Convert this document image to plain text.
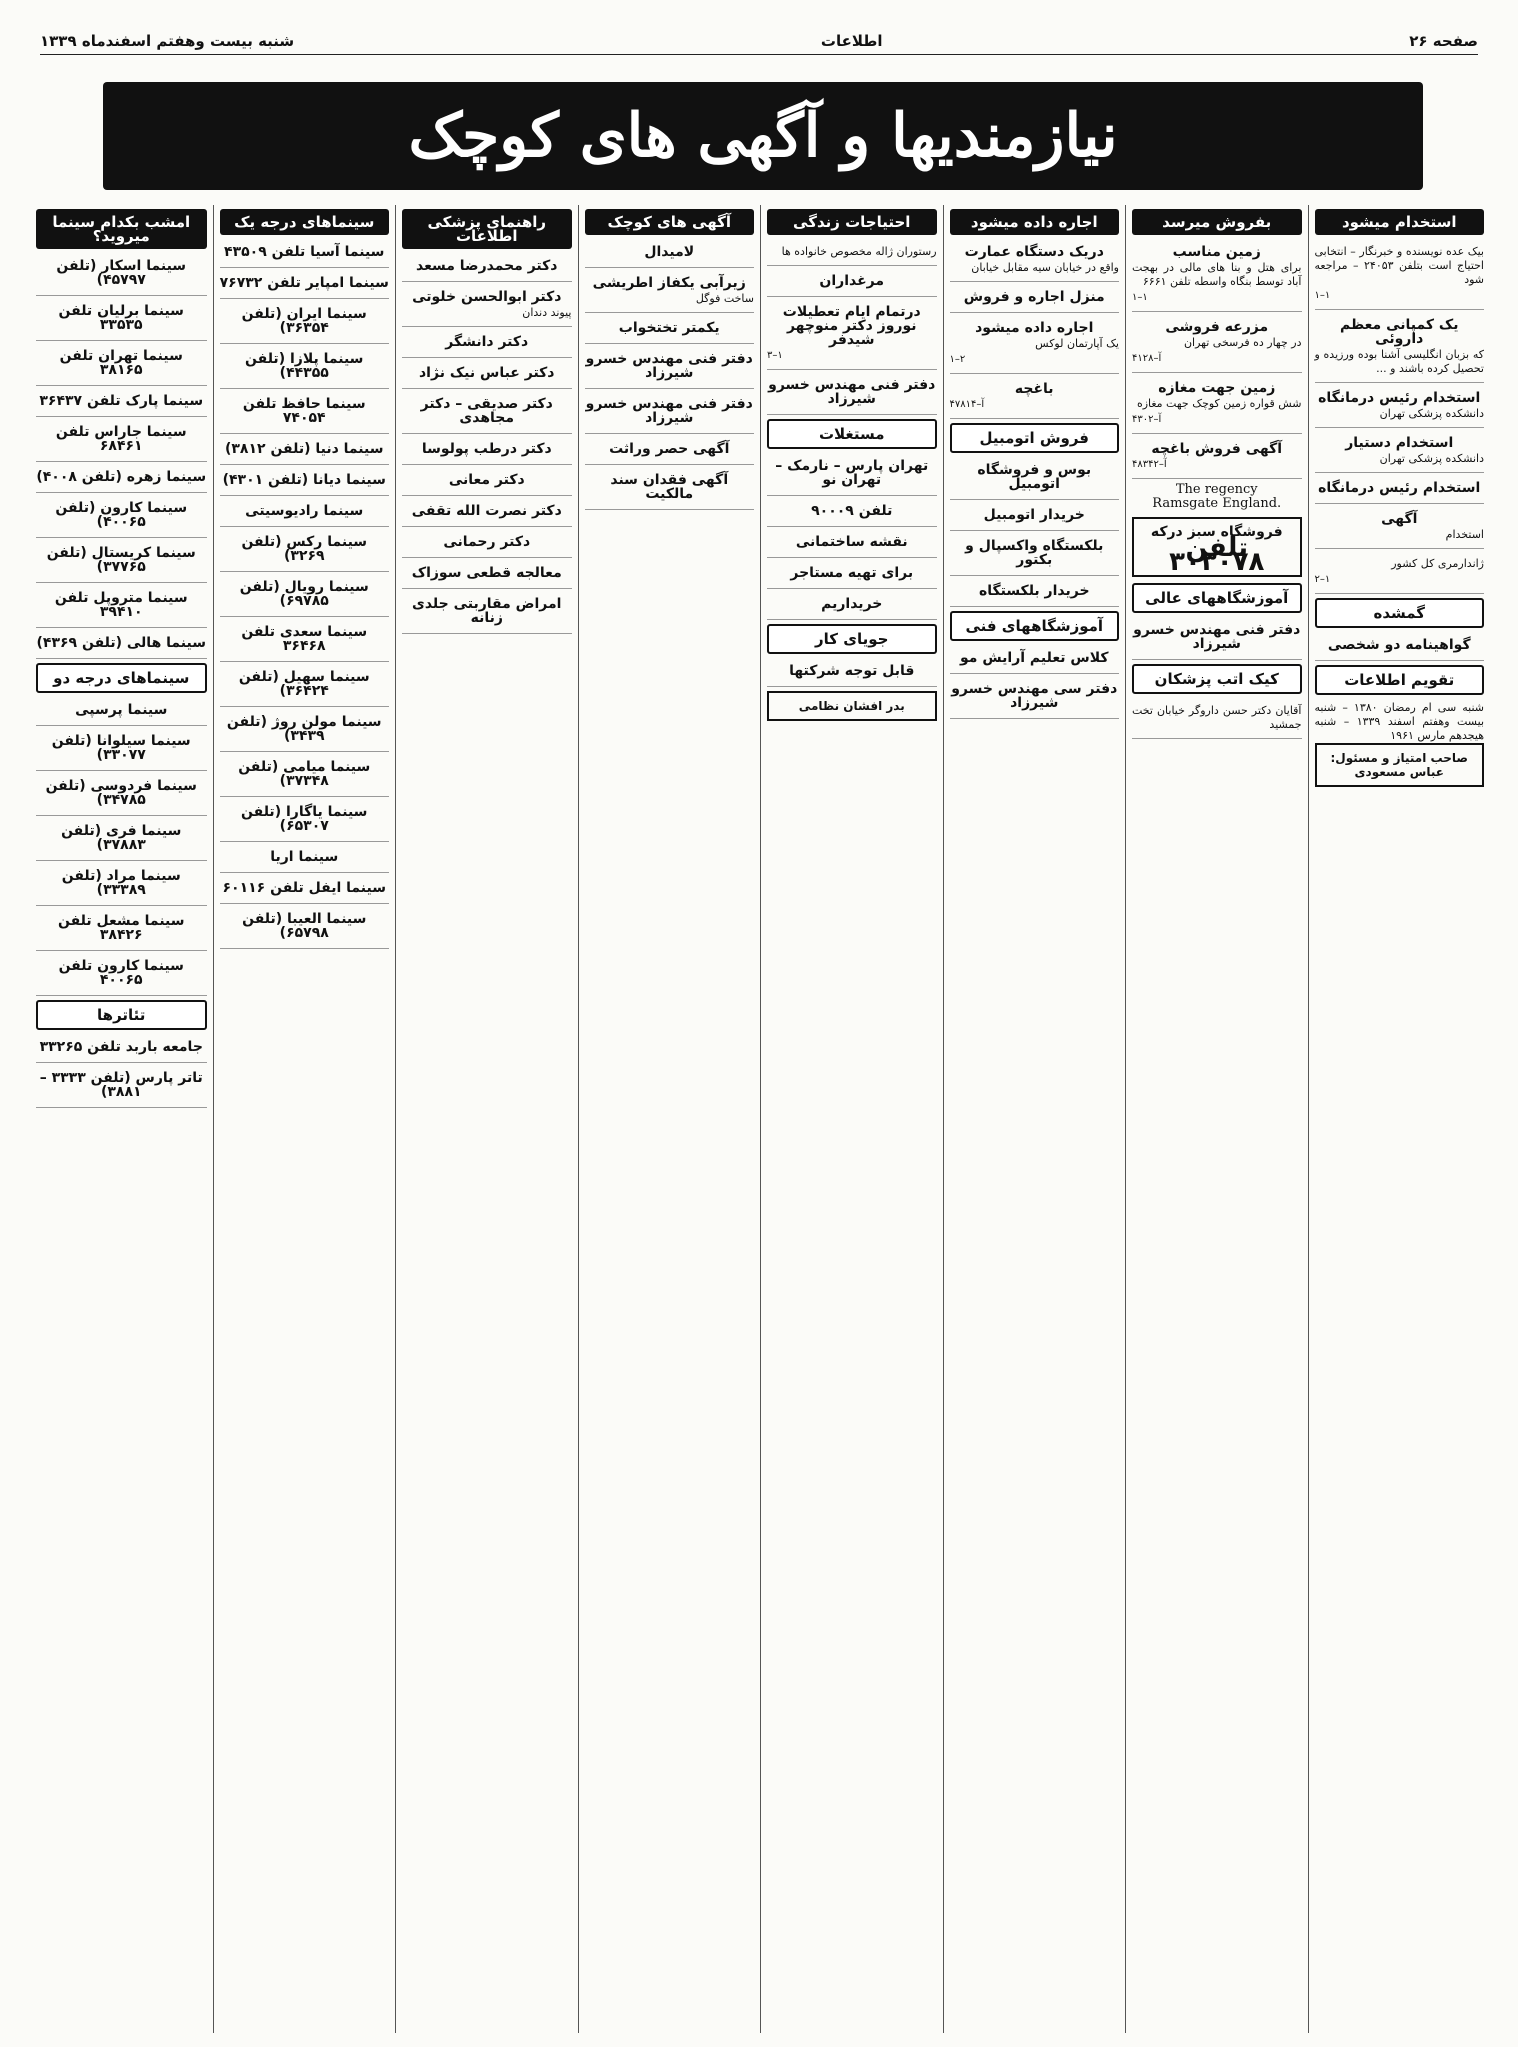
صفحه ۲۶
اطلاعات
شنبه بیست وهفتم اسفندماه ۱۳۳۹
نیازمندیها و آگهی های کوچک
استخدام میشود
بیک عده نویسنده و خبرنگار – انتخابی احتیاج است بتلفن ۲۴۰۵۳ – مراجعه شود
۱–۱
یک کمپانی معظم داروئی
که بزبان انگلیسی آشنا بوده ورزیده و تحصیل کرده باشند و ...
استخدام رئیس درمانگاه
دانشکده پزشکی تهران
استخدام دستیار
دانشکده پزشکی تهران
استخدام رئیس درمانگاه
آگهی
استخدام
ژاندارمری کل کشور
۲–۱
گمشده
گواهینامه دو شخصی
تقویم اطلاعات
شنبه سی ام رمضان ۱۳۸۰ – شنبه بیست وهفتم اسفند ۱۳۳۹ – شنبه هیجدهم مارس ۱۹۶۱
صاحب امتیاز و مسئول: عباس مسعودی
بفروش میرسد
زمین مناسب
برای هتل و بنا های مالی در بهجت آباد توسط بنگاه واسطه تلفن ۶۶۶۱
۱–۱
مزرعه فروشی
در چهار ده فرسخی تهران
آ–۴۱۲۸
زمین جهت مغازه
شش قواره زمین کوچک جهت مغازه
آ–۴۳۰۲
آگهی فروش باغچه
آ–۴۸۳۴۲
The regency
Ramsgate England.
فروشگاه سبز درکه
تلفن ۳۰۳۰۷۸
آموزشگاههای عالی
دفتر فنی مهندس خسرو شیرزاد
کیک اتب پزشکان
آقایان دکتر حسن داروگر خیابان تخت جمشید
اجاره داده میشود
دریک دستگاه عمارت
واقع در خیابان سیه مقابل خیابان
منزل اجاره و فروش
اجاره داده میشود
یک آپارتمان لوکس
۱–۲
باغچه
آ–۴۷۸۱۴
فروش اتومبیل
بوس و فروشگاه اتومبیل
خریدار اتومبیل
بلکستگاه واکسپال و بکتور
خریدار بلکستگاه
آموزشگاههای فنی
کلاس تعلیم آرایش مو
دفتر سی مهندس خسرو شیرزاد
احتیاجات زندگی
رستوران ژاله مخصوص خانواده ها
مرغداران
درتمام ایام تعطیلات نوروز دکتر منوچهر شیدفر
۳–۱
دفتر فنی مهندس خسرو شیرزاد
مستغلات
تهران پارس – نارمک – تهران نو
تلفن ۹۰۰۰۹
نقشه ساختمانی
برای تهیه مستاجر
خریداریم
جویای کار
قابل توجه شرکتها
بدر افشان نظامی
آگهی های کوچک
لامیدال
زیرآبی یکفاز اطریشی
ساخت فوگل
یکمتر تختخواب
دفتر فنی مهندس خسرو شیرزاد
دفتر فنی مهندس خسرو شیرزاد
آگهی حصر وراثت
آگهی فقدان سند مالکیت
راهنمای پزشکی اطلاعات
دکتر محمدرضا مسعد
دکتر ابوالحسن خلوتی
پیوند دندان
دکتر دانشگر
دکتر عباس نیک نژاد
دکتر صدیقی – دکتر مجاهدی
دکتر درطب پولوسا
دکتر معانی
دکتر نصرت الله تقفی
دکتر رحمانی
معالجه قطعی سوزاک
امراض مقاربتی جلدی زنانه
سینماهای درجه یک
سینما آسیا تلفن ۴۳۵۰۹
سینما امپایر تلفن ۷۶۷۳۲
سینما ایران (تلفن ۳۶۳۵۴)
سینما پلازا (تلفن ۴۴۳۵۵)
سینما حافظ تلفن ۷۴۰۵۴
سینما دنیا (تلفن ۳۸۱۲)
سینما دیانا (تلفن ۴۳۰۱)
سینما رادیوسیتی
سینما رکس (تلفن ۳۲۶۹)
سینما رویال (تلفن ۶۹۷۸۵)
سینما سعدی تلفن ۳۶۴۶۸
سینما سهیل (تلفن ۳۶۴۲۴)
سینما مولن روژ (تلفن ۳۴۳۹)
سینما میامی (تلفن ۳۷۳۴۸)
سینما یاگارا (تلفن ۶۵۳۰۷)
سینما اریا
سینما ایفل تلفن ۶۰۱۱۶
سینما العیبا (تلفن ۶۵۷۹۸)
امشب بکدام سینما میروید؟
سینما اسکار (تلفن ۴۵۷۹۷)
سینما برلیان تلفن ۳۳۵۳۵
سینما تهران تلفن ۳۸۱۶۵
سینما پارک تلفن ۳۶۴۳۷
سینما جاراس تلفن ۶۸۴۶۱
سینما زهره (تلفن ۴۰۰۸)
سینما کارون (تلفن ۴۰۰۶۵)
سینما کریستال (تلفن ۳۷۷۶۵)
سینما متروپل تلفن ۳۹۴۱۰
سینما هالی (تلفن ۴۳۶۹)
سینماهای درجه دو
سینما پرسپی
سینما سیلوانا (تلفن ۳۳۰۷۷)
سینما فردوسی (تلفن ۳۴۷۸۵)
سینما فری (تلفن ۳۷۸۸۳)
سینما مراد (تلفن ۳۳۳۸۹)
سینما مشعل تلفن ۳۸۴۲۶
سینما کارون تلفن ۴۰۰۶۵
تئاترها
جامعه باربد تلفن ۳۳۲۶۵
تاتر پارس (تلفن ۳۳۳۳ – ۳۸۸۱)
